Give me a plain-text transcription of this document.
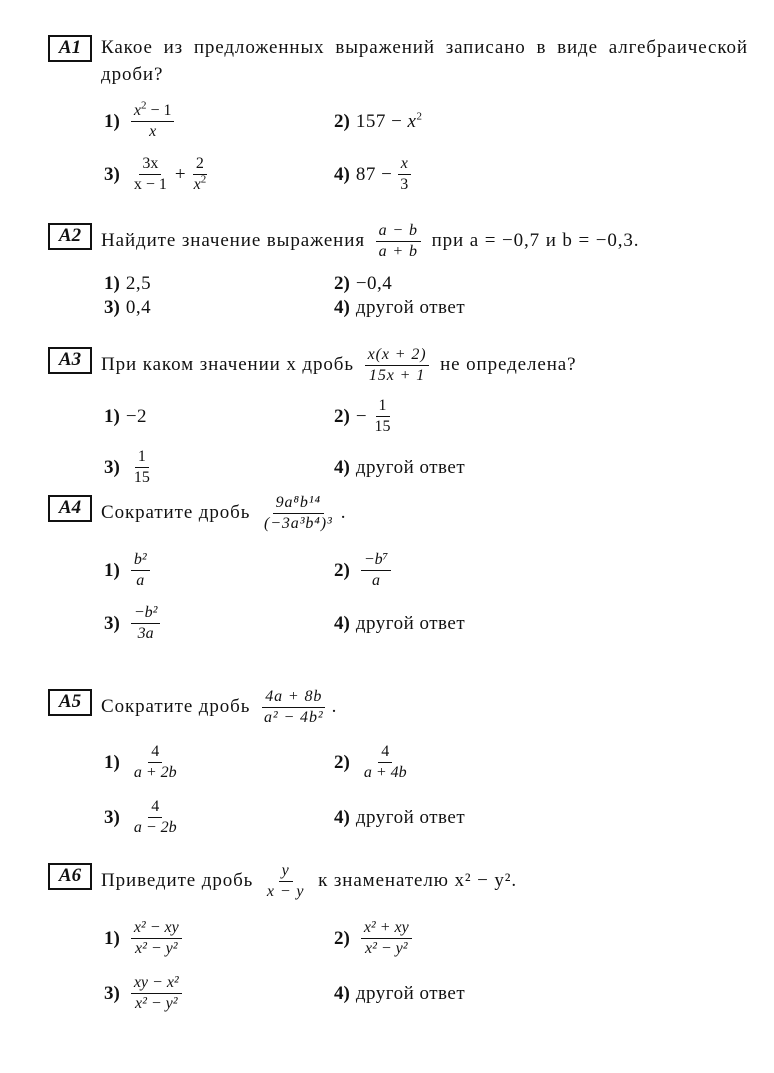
A1	Какое из предложенных выражений записано в виде алгебраической дроби?
$1) \frac{x^2 - 1}{x}$	2) $157 - x^2$
$3) \frac{3x}{x - 1} + \frac{2}{x^2}$	4) $87 - \frac{x}{3}$
A2	Найдите значение выражения $\frac{a - b}{a + b}$ при a = −0,7 и b = −0,3.
1) 2,5	2) −0,4
3) 0,4	4) другой ответ
A3	При каком значении x дробь $\frac{x(x + 2)}{15x + 1}$ не определена?
1) −2	$2) - \frac{1}{15}$
$3) \frac{1}{15}$	4) другой ответ
A4	Сократите дробь $\frac{\text{9a⁸b¹⁴}}{\text{(−3a³b⁴)³}}$ .
$1) \frac{\text{b²}}{a}$	$2) \frac{\text{−b⁷}}{a}$
$3) \frac{\text{−b²}}{3a}$	4) другой ответ
A5	Сократите дробь $\frac{4a + 8b}{\text{a² − 4b²}}$ .
$1) \frac{4}{a + 2b}$	$2) \frac{4}{a + 4b}$
$3) \frac{4}{a - 2b}$	4) другой ответ
A6	Приведите дробь $\frac{y}{x - y}$ к знаменателю x² − y².
$1) \frac{\text{x² − xy}}{\text{x² − y²}}$	$2) \frac{\text{x² + xy}}{\text{x² − y²}}$
$3) \frac{\text{xy − x²}}{\text{x² − y²}}$	4) другой ответ
